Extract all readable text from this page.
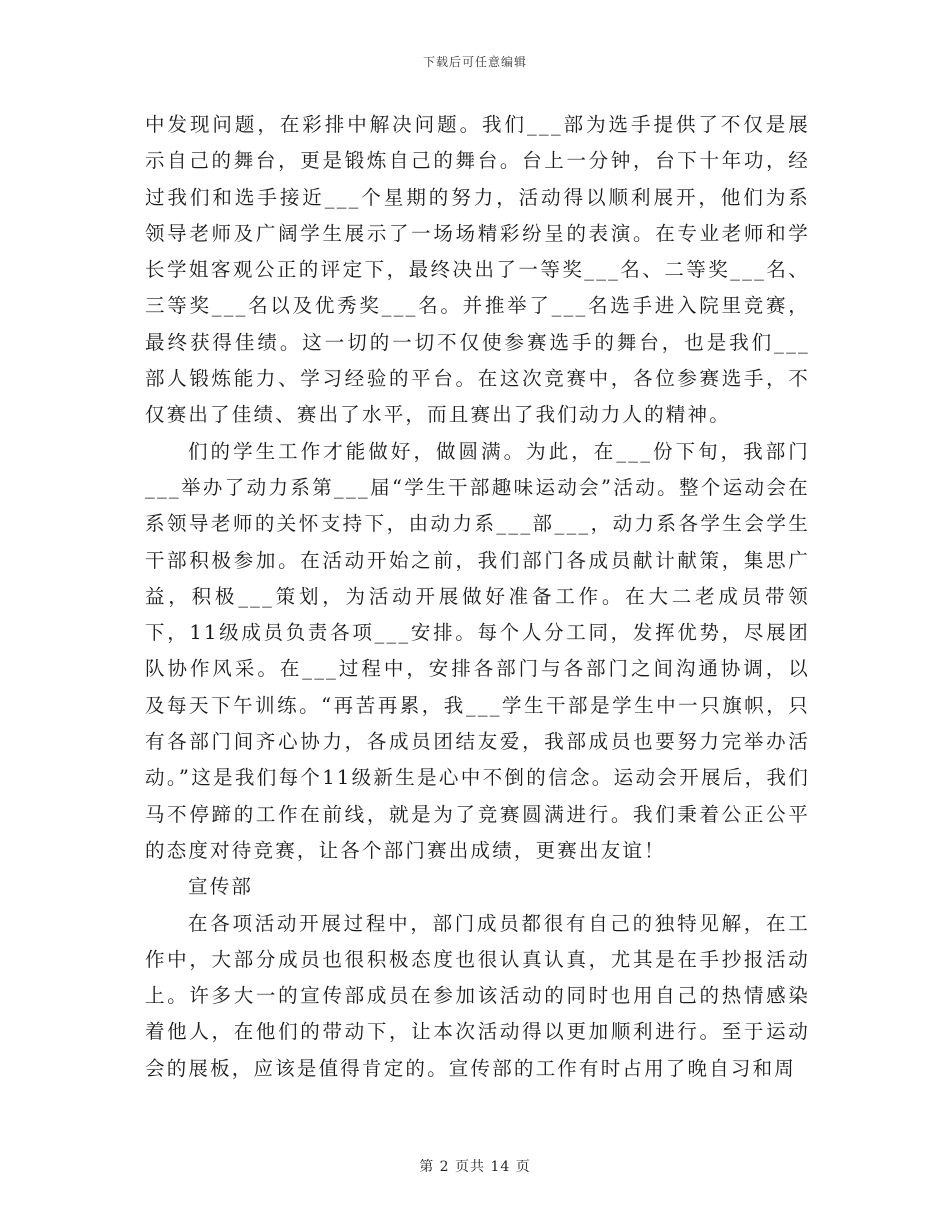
下载后可任意编辑

中发现问题，在彩排中解决问题。我们___部为选手提供了不仅是展示自己的舞台，更是锻炼自己的舞台。台上一分钟，台下十年功，经过我们和选手接近___个星期的努力，活动得以顺利展开，他们为系领导老师及广阔学生展示了一场场精彩纷呈的表演。在专业老师和学长学姐客观公正的评定下，最终决出了一等奖___名、二等奖___名、三等奖___名以及优秀奖___名。并推举了___名选手进入院里竞赛，最终获得佳绩。这一切的一切不仅使参赛选手的舞台，也是我们___部人锻炼能力、学习经验的平台。在这次竞赛中，各位参赛选手，不仅赛出了佳绩、赛出了水平，而且赛出了我们动力人的精神。

们的学生工作才能做好，做圆满。为此，在___份下旬，我部门___举办了动力系第___届“学生干部趣味运动会”活动。整个运动会在系领导老师的关怀支持下，由动力系___部___，动力系各学生会学生干部积极参加。在活动开始之前，我们部门各成员献计献策，集思广益，积极___策划，为活动开展做好准备工作。在大二老成员带领下，11级成员负责各项___安排。每个人分工同，发挥优势，尽展团队协作风采。在___过程中，安排各部门与各部门之间沟通协调，以及每天下午训练。“再苦再累，我___学生干部是学生中一只旗帜，只有各部门间齐心协力，各成员团结友爱，我部成员也要努力完举办活动。”这是我们每个11级新生是心中不倒的信念。运动会开展后，我们马不停蹄的工作在前线，就是为了竞赛圆满进行。我们秉着公正公平的态度对待竞赛，让各个部门赛出成绩，更赛出友谊！

宣传部

在各项活动开展过程中，部门成员都很有自己的独特见解，在工作中，大部分成员也很积极态度也很认真认真，尤其是在手抄报活动上。许多大一的宣传部成员在参加该活动的同时也用自己的热情感染着他人，在他们的带动下，让本次活动得以更加顺利进行。至于运动会的展板，应该是值得肯定的。宣传部的工作有时占用了晚自习和周

第 2 页共 14 页
